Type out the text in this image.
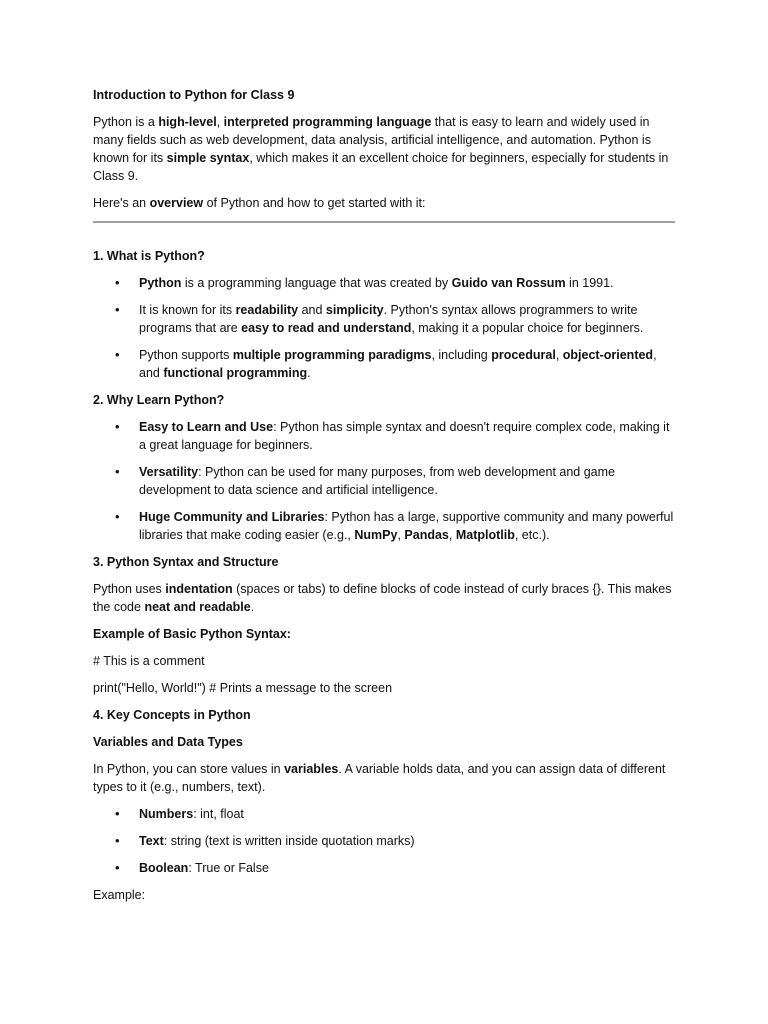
Introduction to Python for Class 9

Python is a high-level, interpreted programming language that is easy to learn and widely used in many fields such as web development, data analysis, artificial intelligence, and automation. Python is known for its simple syntax, which makes it an excellent choice for beginners, especially for students in Class 9.

Here's an overview of Python and how to get started with it:

1. What is Python?

• Python is a programming language that was created by Guido van Rossum in 1991.
• It is known for its readability and simplicity. Python's syntax allows programmers to write programs that are easy to read and understand, making it a popular choice for beginners.
• Python supports multiple programming paradigms, including procedural, object-oriented, and functional programming.

2. Why Learn Python?

• Easy to Learn and Use: Python has simple syntax and doesn't require complex code, making it a great language for beginners.
• Versatility: Python can be used for many purposes, from web development and game development to data science and artificial intelligence.
• Huge Community and Libraries: Python has a large, supportive community and many powerful libraries that make coding easier (e.g., NumPy, Pandas, Matplotlib, etc.).

3. Python Syntax and Structure

Python uses indentation (spaces or tabs) to define blocks of code instead of curly braces {}. This makes the code neat and readable.

Example of Basic Python Syntax:

# This is a comment

print("Hello, World!") # Prints a message to the screen

4. Key Concepts in Python

Variables and Data Types

In Python, you can store values in variables. A variable holds data, and you can assign data of different types to it (e.g., numbers, text).

• Numbers: int, float
• Text: string (text is written inside quotation marks)
• Boolean: True or False

Example:
